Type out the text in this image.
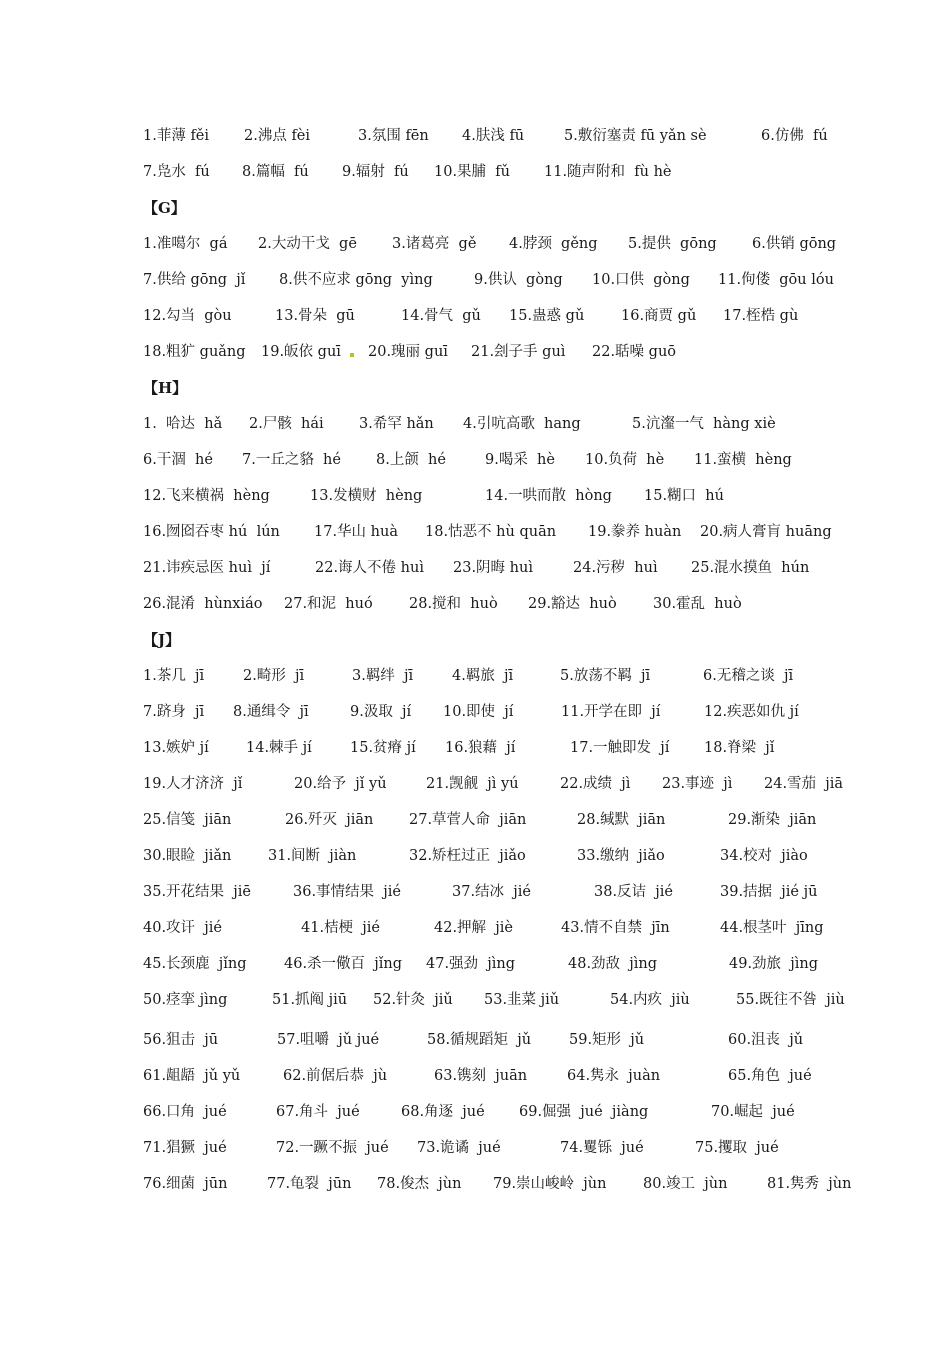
1.菲薄 fěi

2.沸点 fèi

	3.氛围 fēn

4.肤浅 fū

	5.敷衍塞责 fū yǎn sè

	6.仿佛  fú

7.凫水  fú

8.篇幅  fú

9.辐射  fú

10.果脯  fǔ

11.随声附和  fù hè

【G】

1.准噶尔  gá

2.大动干戈  gē

3.诸葛亮  gě

4.脖颈  gěng

5.提供  gōng

6.供销 gōng

7.供给 gōng  jǐ

8.供不应求 gōng  yìng

	9.供认  gòng

10.口供  gòng

11.佝偻  gōu lóu

12.勾当  gòu

	13.骨朵  gū

	14.骨气  gǔ

15.蛊惑 gǔ

	16.商贾 gǔ

17.桎梏 gù

18.粗犷 guǎng

19.皈依 guī

20.瑰丽 guī

21.刽子手 guì

22.聒噪 guō

【H】

1.  哈达  hǎ

2.尸骸  hái

3.希罕 hǎn

4.引吭高歌  hang

	5.沆瀣一气  hàng xiè

6.干涸  hé

7.一丘之貉  hé

8.上颌  hé

	9.喝采  hè

10.负荷  hè

11.蛮横  hèng

12.飞来横祸  hèng

	13.发横财  hèng

	14.一哄而散  hòng

15.糊口  hú

16.囫囵吞枣 hú  lún

17.华山 huà

18.怙恶不 hù quān

19.豢养 huàn

20.病人膏肓 huāng

21.讳疾忌医 huì  jí

	22.诲人不倦 huì

23.阴晦 huì

	24.污秽  huì

25.混水摸鱼  hún

26.混淆  hùnxiáo

27.和泥  huó

	28.搅和  huò

29.豁达  huò

	30.霍乱  huò

【J】

1.茶几  jī

	2.畸形  jī

	3.羁绊  jī

	4.羁旅  jī

	5.放荡不羁  jī

	6.无稽之谈  jī

7.跻身  jī

8.通缉令  jī

	9.汲取  jí

10.即使  jí

	11.开学在即  jí

	12.疾恶如仇 jí

13.嫉妒 jí

	14.棘手 jí

	15.贫瘠 jí

16.狼藉  jí

	17.一触即发  jí

18.脊梁  jǐ

19.人才济济  jǐ

	20.给予  jǐ yǔ

	21.觊觎  jì yú

	22.成绩  jì

23.事迹  jì

24.雪茄  jiā

25.信笺  jiān

	26.歼灭  jiān

27.草菅人命  jiān

	28.缄默  jiān

	29.渐染  jiān

30.眼睑  jiǎn

	31.间断  jiàn

	32.矫枉过正  jiǎo

	33.缴纳  jiǎo

	34.校对  jiào

35.开花结果  jiē

	36.事情结果  jié

	37.结冰  jié

	38.反诘  jié

	39.拮据  jié jū

40.攻讦  jié

	41.桔梗  jié

	42.押解  jiè

	43.情不自禁  jīn

	44.根茎叶  jīng

45.长颈鹿  jǐng

	46.杀一儆百  jǐng

47.强劲  jìng

	48.劲敌  jìng

	49.劲旅  jìng

50.痉挛 jìng

	51.抓阄 jiū

52.针灸  jiǔ

53.韭菜 jiǔ

	54.内疚  jiù

	55.既往不咎  jiù

56.狙击  jū

	57.咀嚼  jǔ jué

	58.循规蹈矩  jǔ

	59.矩形  jǔ

	60.沮丧  jǔ

61.龃龉  jǔ yǔ

	62.前倨后恭  jù

	63.镌刻  juān

	64.隽永  juàn

	65.角色  jué

66.口角  jué

	67.角斗  jué

	68.角逐  jué

69.倔强  jué  jiàng

	70.崛起  jué

71.猖獗  jué

	72.一蹶不振  jué

73.诡谲  jué

	74.矍铄  jué

	75.攫取  jué

76.细菌  jūn

	77.龟裂  jūn

78.俊杰  jùn

79.崇山峻岭  jùn

	80.竣工  jùn

	81.隽秀  jùn
